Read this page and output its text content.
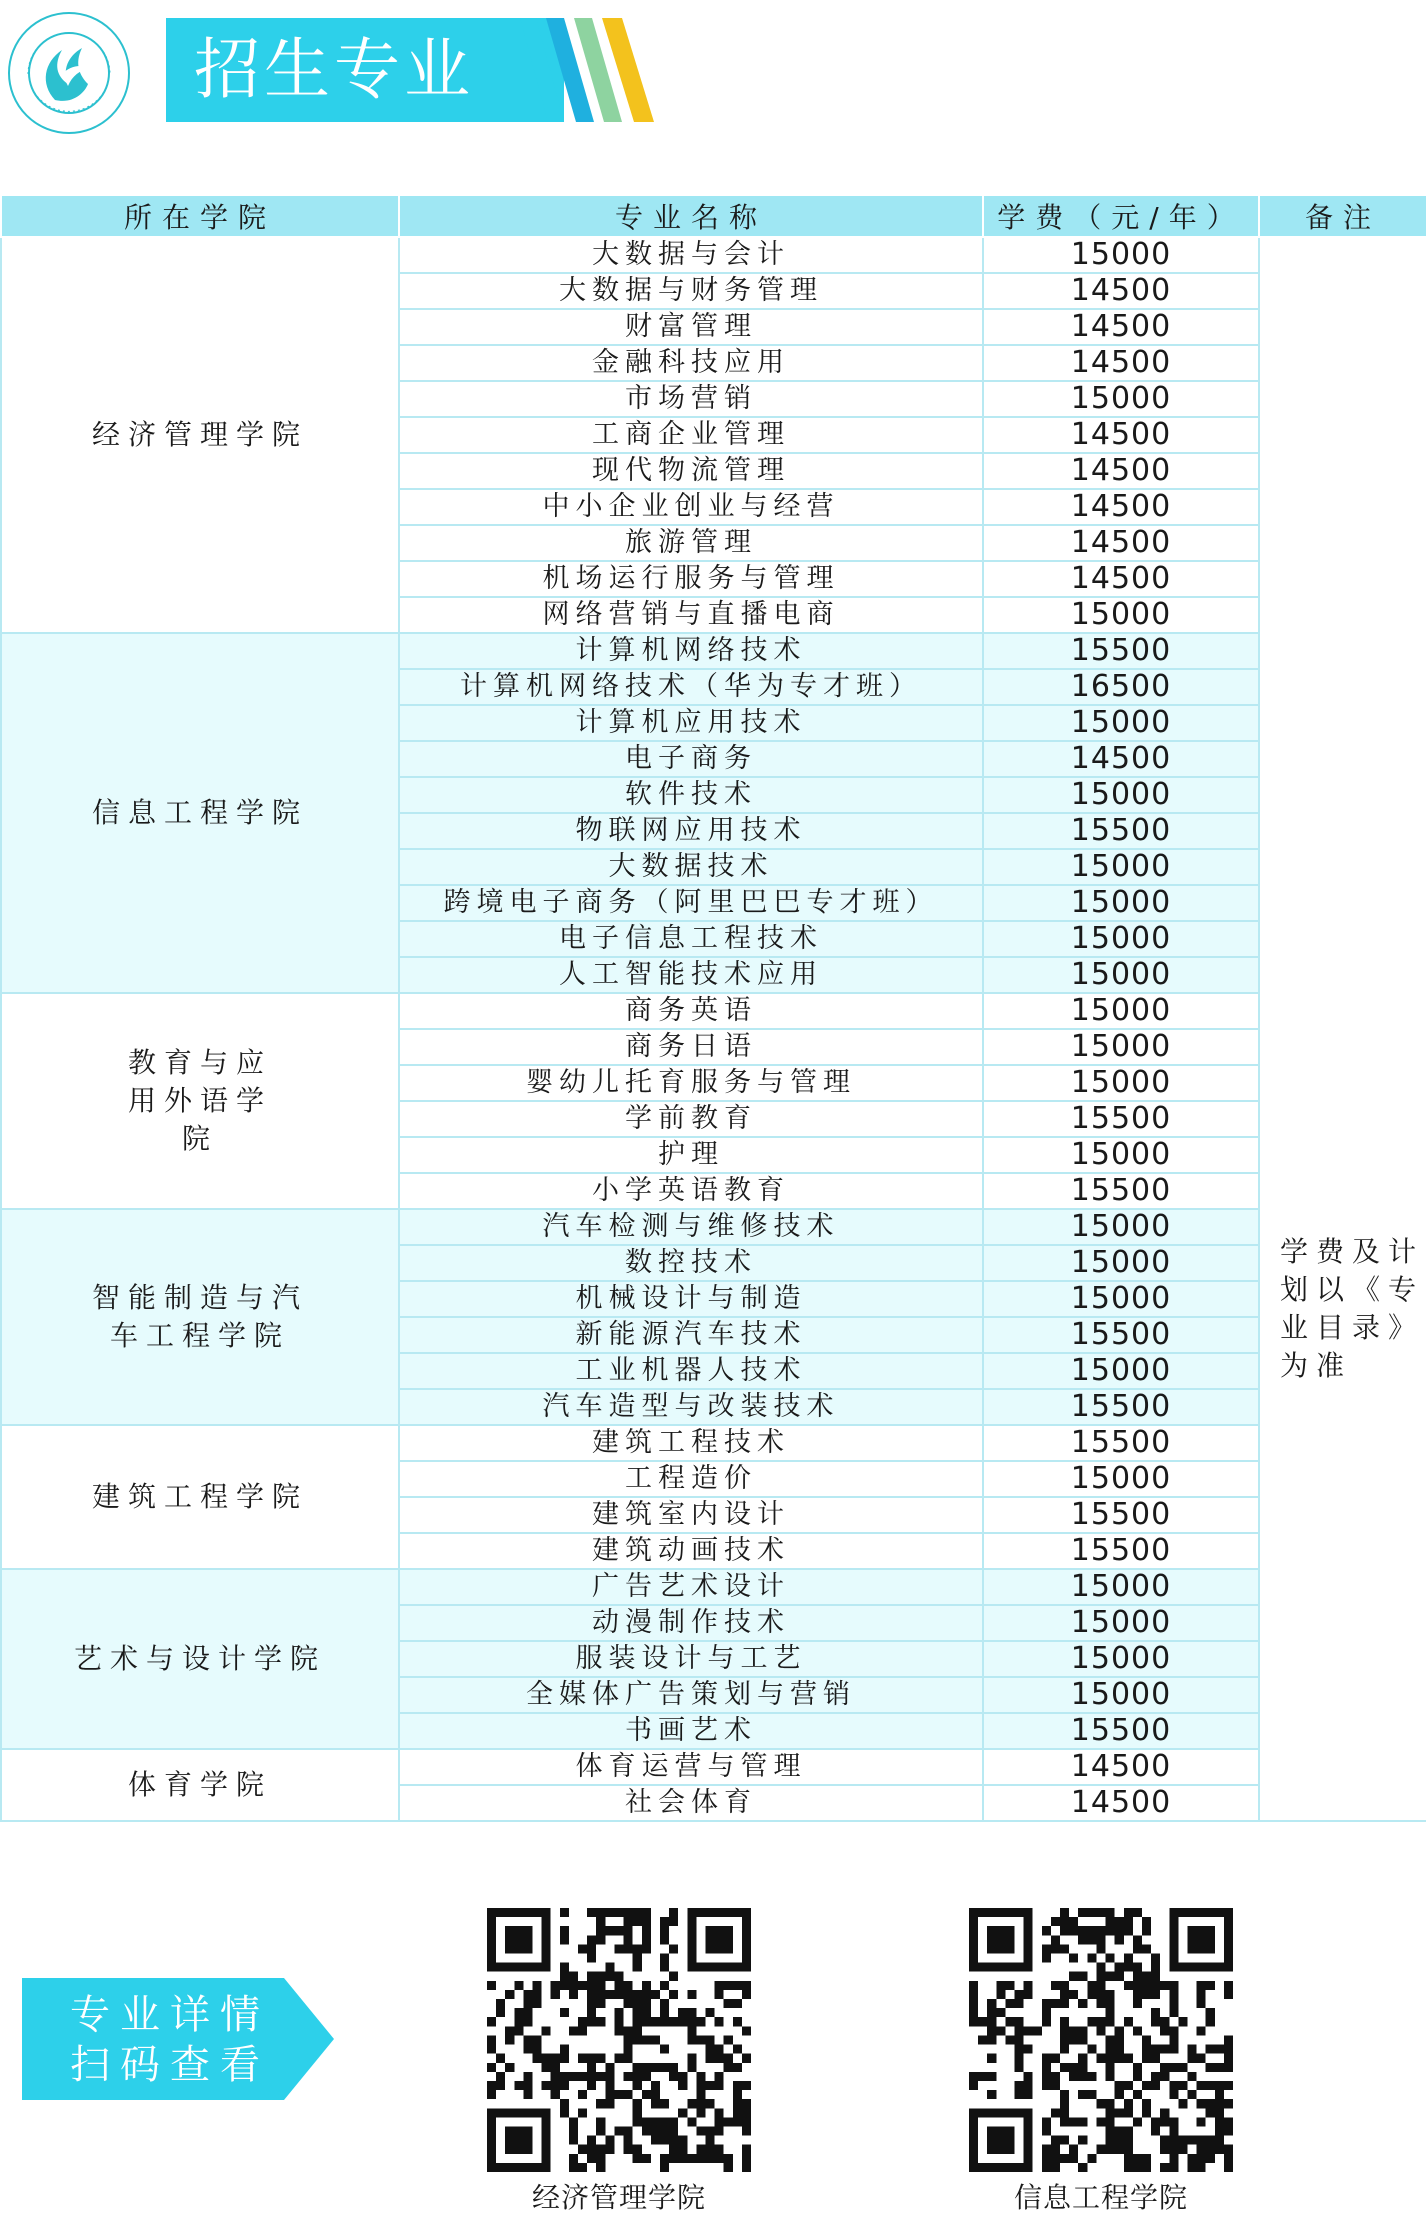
招生专业
所在学院	专业名称	学费（元/年）	备注
经济管理学院	大数据与会计	15000	学费及计划以《专业目录》为准
	大数据与财务管理	14500	
	财富管理	14500	
	金融科技应用	14500	
	市场营销	15000	
	工商企业管理	14500	
	现代物流管理	14500	
	中小企业创业与经营	14500	
	旅游管理	14500	
	机场运行服务与管理	14500	
	网络营销与直播电商	15000	
信息工程学院	计算机网络技术	15500	
	计算机网络技术（华为专才班）	16500	
	计算机应用技术	15000	
	电子商务	14500	
	软件技术	15000	
	物联网应用技术	15500	
	大数据技术	15000	
	跨境电子商务（阿里巴巴专才班）	15000	
	电子信息工程技术	15000	
	人工智能技术应用	15000	
教育与应用外语学院	商务英语	15000	
	商务日语	15000	
	婴幼儿托育服务与管理	15000	
	学前教育	15500	
	护理	15000	
	小学英语教育	15500	
智能制造与汽车工程学院	汽车检测与维修技术	15000	
	数控技术	15000	
	机械设计与制造	15000	
	新能源汽车技术	15500	
	工业机器人技术	15000	
	汽车造型与改装技术	15500	
建筑工程学院	建筑工程技术	15500	
	工程造价	15000	
	建筑室内设计	15500	
	建筑动画技术	15500	
艺术与设计学院	广告艺术设计	15000	
	动漫制作技术	15000	
	服装设计与工艺	15000	
	全媒体广告策划与营销	15000	
	书画艺术	15500	
体育学院	体育运营与管理	14500	
	社会体育	14500	
专业详情
扫码查看
经济管理学院	信息工程学院
